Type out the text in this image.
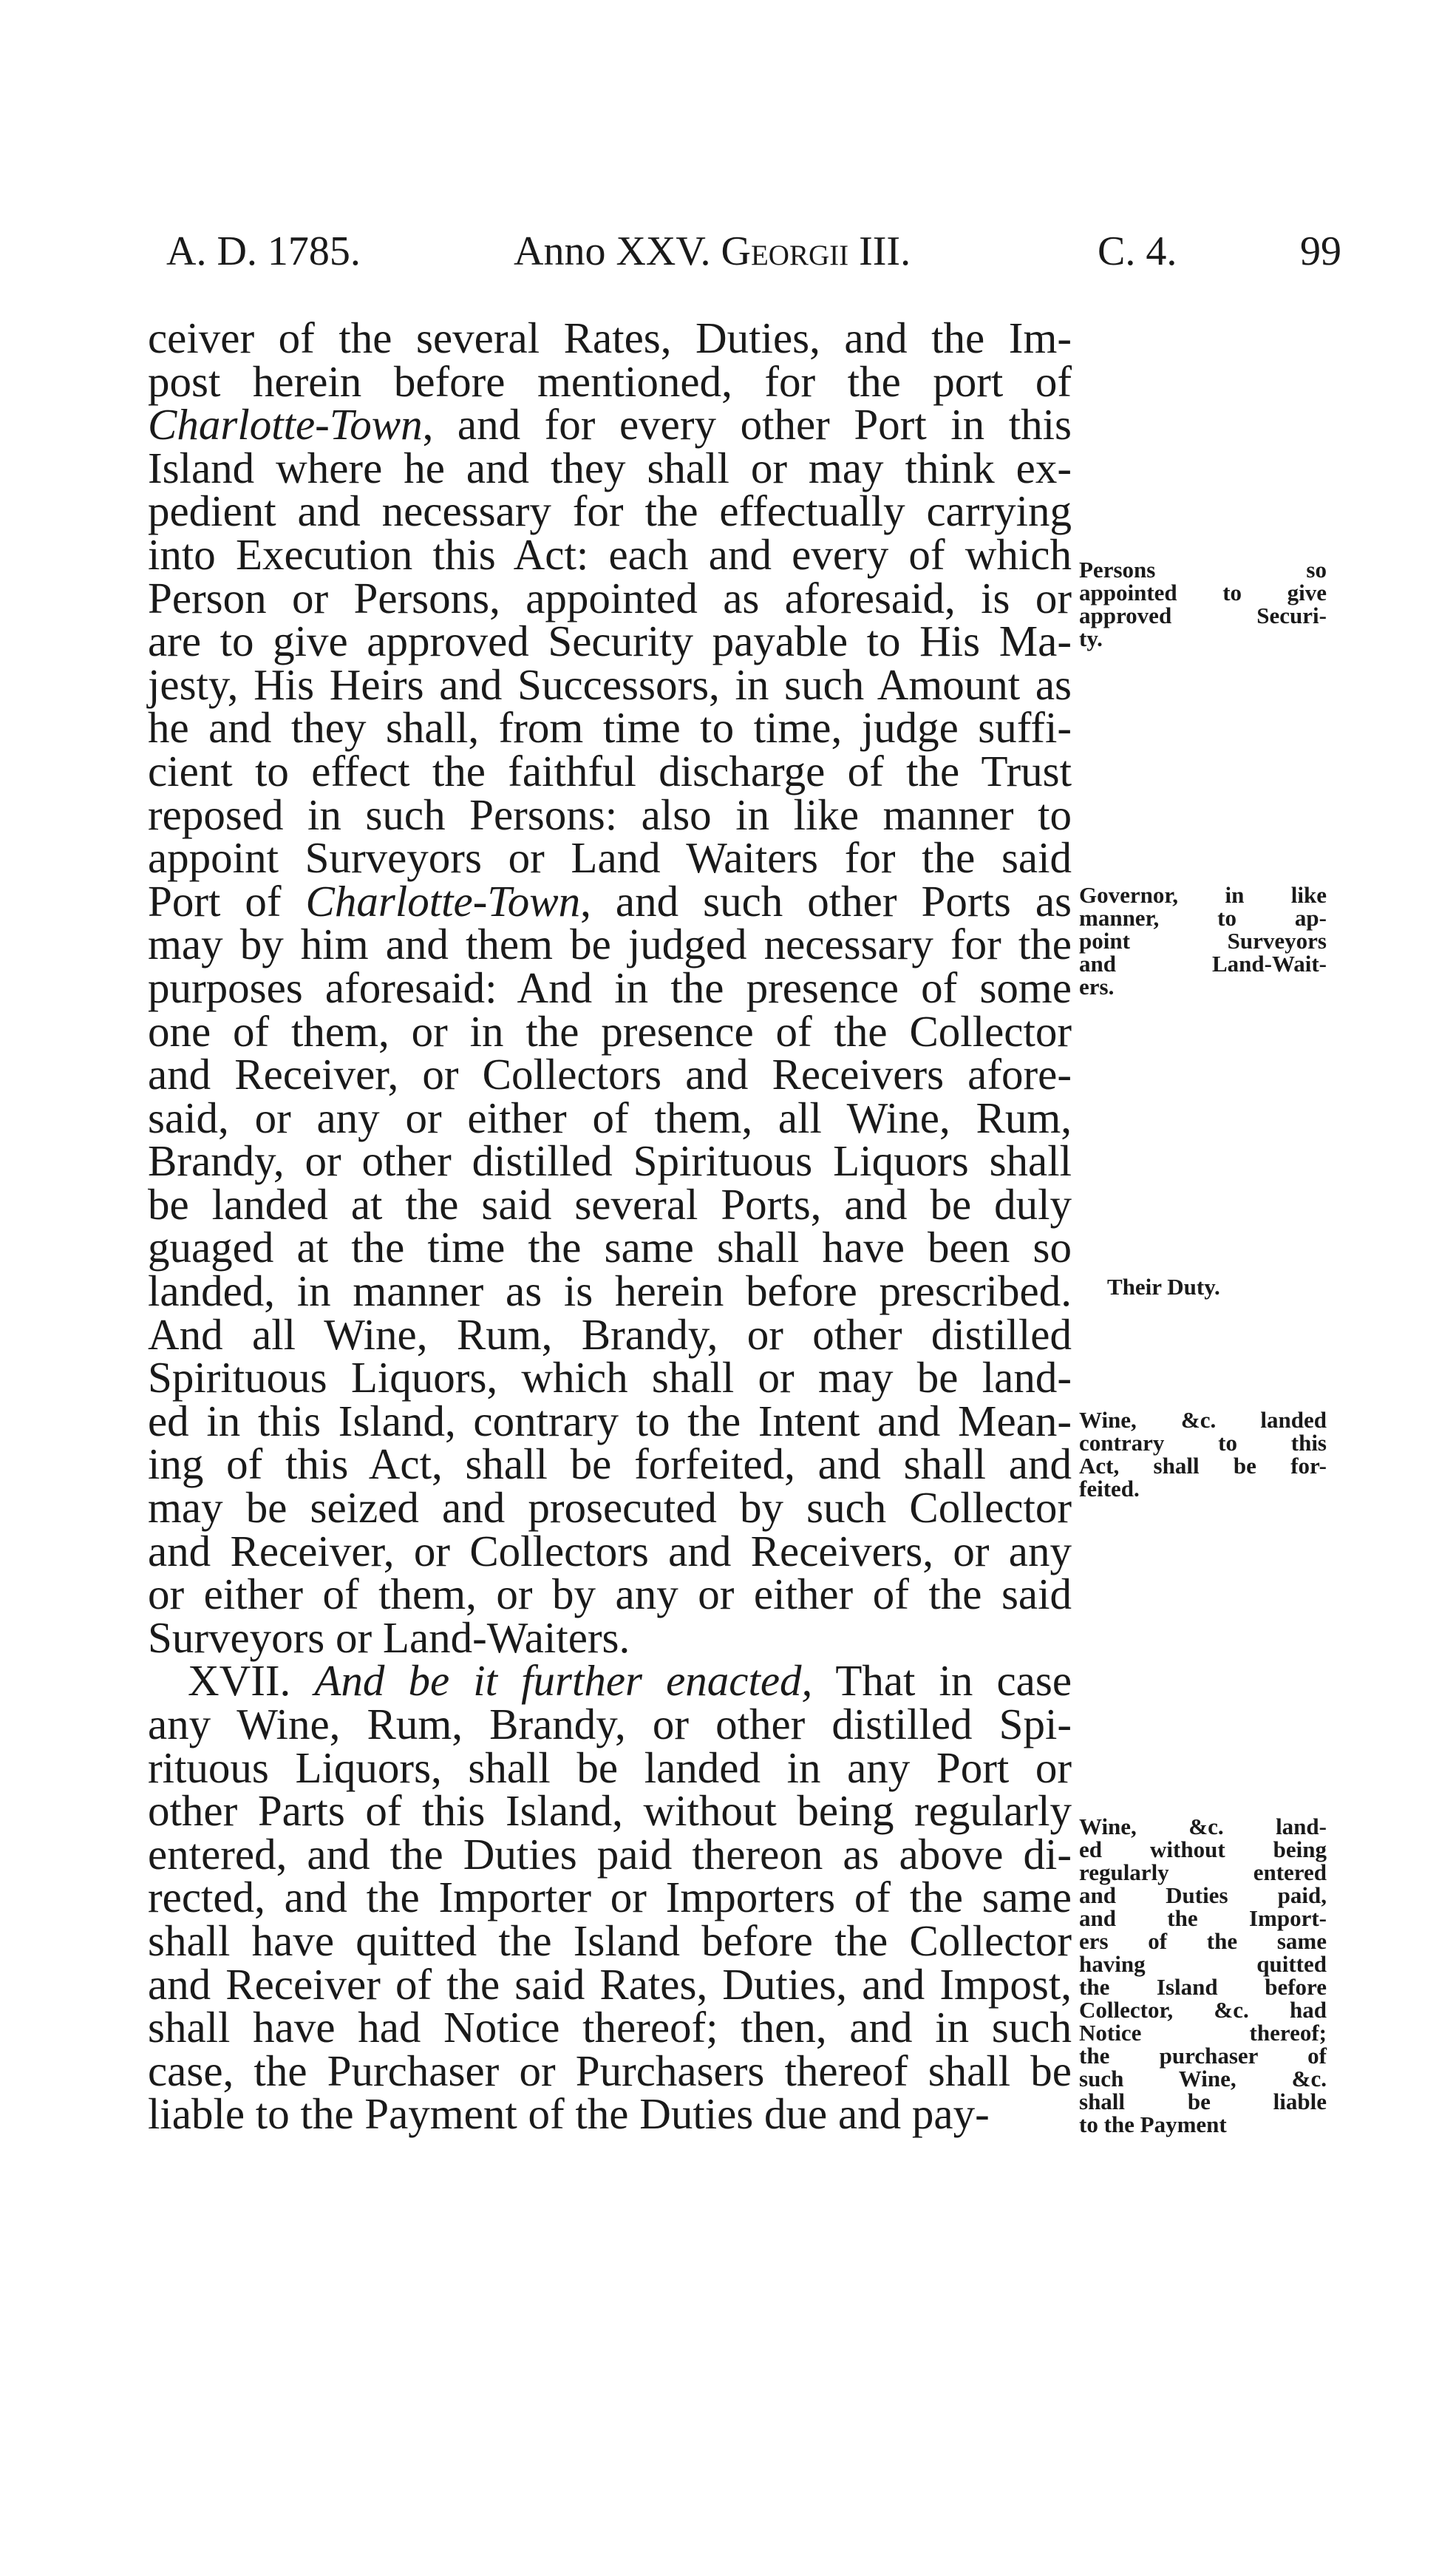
A. D. 1785.	Anno XXV. Georgii III.	C. 4.	99
ceiver of the several Rates, Duties, and the Im-
post herein before mentioned, for the port of
Charlotte-Town, and for every other Port in this
Island where he and they shall or may think ex-
pedient and necessary for the effectually carrying
into Execution this Act: each and every of which
Person or Persons, appointed as aforesaid, is or
are to give approved Security payable to His Ma-
jesty, His Heirs and Successors, in such Amount as
he and they shall, from time to time, judge suffi-
cient to effect the faithful discharge of the Trust
reposed in such Persons: also in like manner to
appoint Surveyors or Land Waiters for the said
Port of Charlotte-Town, and such other Ports as
may by him and them be judged necessary for the
purposes aforesaid: And in the presence of some
one of them, or in the presence of the Collector
and Receiver, or Collectors and Receivers afore-
said, or any or either of them, all Wine, Rum,
Brandy, or other distilled Spirituous Liquors shall
be landed at the said several Ports, and be duly
guaged at the time the same shall have been so
landed, in manner as is herein before prescribed.
And all Wine, Rum, Brandy, or other distilled
Spirituous Liquors, which shall or may be land-
ed in this Island, contrary to the Intent and Mean-
ing of this Act, shall be forfeited, and shall and
may be seized and prosecuted by such Collector
and Receiver, or Collectors and Receivers, or any
or either of them, or by any or either of the said
Surveyors or Land-Waiters.
XVII. And be it further enacted, That in case
any Wine, Rum, Brandy, or other distilled Spi-
rituous Liquors, shall be landed in any Port or
other Parts of this Island, without being regularly
entered, and the Duties paid thereon as above di-
rected, and the Importer or Importers of the same
shall have quitted the Island before the Collector
and Receiver of the said Rates, Duties, and Impost,
shall have had Notice thereof; then, and in such
case, the Purchaser or Purchasers thereof shall be
liable to the Payment of the Duties due and pay-
Persons so
appointed to give
approved Securi-
ty.
Governor, in like
manner, to ap-
point Surveyors
and Land-Wait-
ers.
Their Duty.
Wine, &c. landed
contrary to this
Act, shall be for-
feited.
Wine, &c. land-
ed without being
regularly entered
and Duties paid,
and the Import-
ers of the same
having quitted
the Island before
Collector, &c. had
Notice thereof;
the purchaser of
such Wine, &c.
shall be liable
to the Payment
